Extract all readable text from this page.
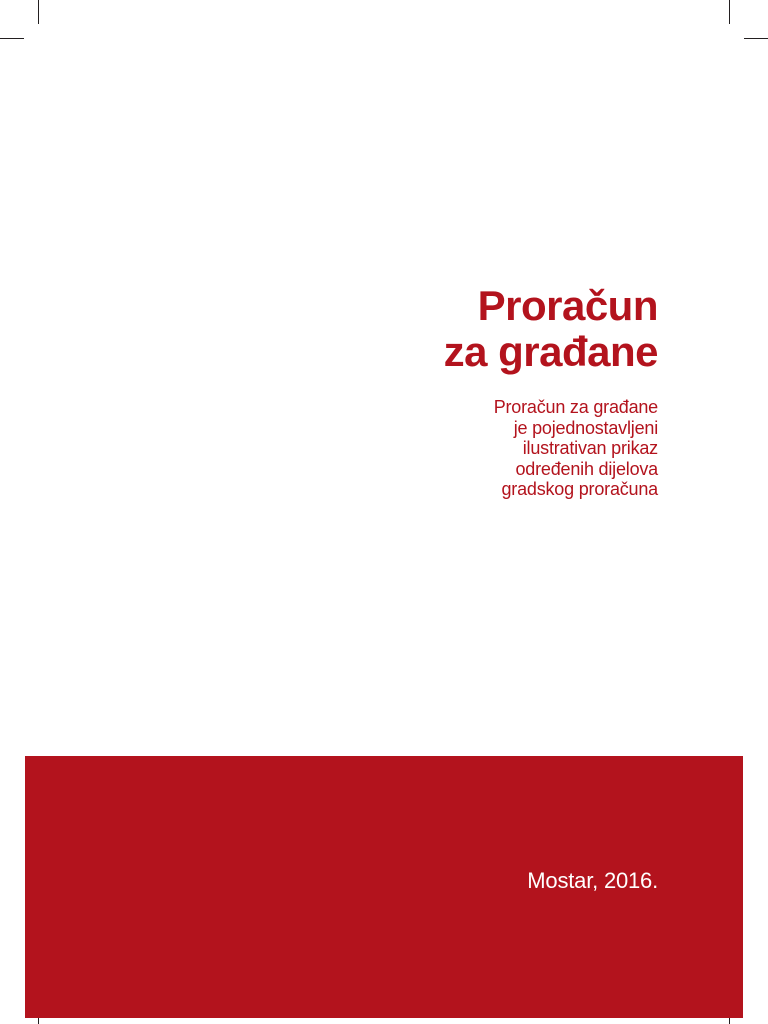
Proračun
za građane
Proračun za građane
je pojednostavljeni
ilustrativan prikaz
određenih dijelova
gradskog proračuna
Mostar, 2016.
